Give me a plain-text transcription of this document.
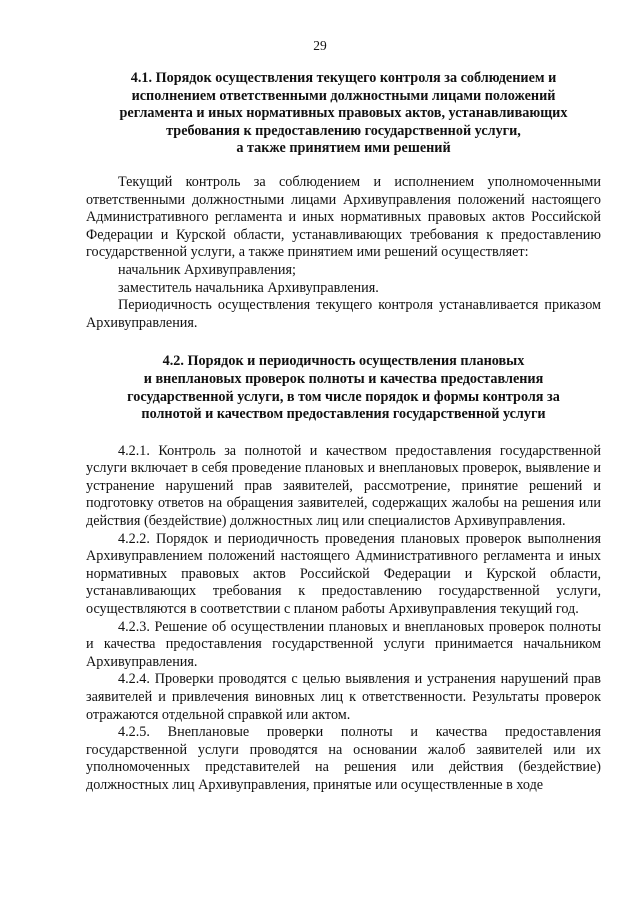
29
4.1. Порядок осуществления текущего контроля за соблюдением и
исполнением ответственными должностными лицами положений
регламента и иных нормативных правовых актов, устанавливающих
требования к предоставлению государственной услуги,
а также принятием ими решений

Текущий контроль за соблюдением и исполнением уполномоченными ответственными должностными лицами Архивуправления положений настоящего Административного регламента и иных нормативных правовых актов Российской Федерации и Курской области, устанавливающих требования к предоставлению государственной услуги, а также принятием ими решений осуществляет:

начальник Архивуправления;

заместитель начальника Архивуправления.

Периодичность осуществления текущего контроля устанавливается приказом Архивуправления.

4.2. Порядок и периодичность осуществления плановых
и внеплановых проверок полноты и качества предоставления
государственной услуги, в том числе порядок и формы контроля за
полнотой и качеством предоставления государственной услуги

4.2.1. Контроль за полнотой и качеством предоставления государственной услуги включает в себя проведение плановых и внеплановых проверок, выявление и устранение нарушений прав заявителей, рассмотрение, принятие решений и подготовку ответов на обращения заявителей, содержащих жалобы на решения или действия (бездействие) должностных лиц или специалистов Архивуправления.

4.2.2. Порядок и периодичность проведения плановых проверок выполнения Архивуправлением положений настоящего Административного регламента и иных нормативных правовых актов Российской Федерации и Курской области, устанавливающих требования к предоставлению государственной услуги, осуществляются в соответствии с планом работы Архивуправления текущий год.

4.2.3. Решение об осуществлении плановых и внеплановых проверок полноты и качества предоставления государственной услуги принимается начальником Архивуправления.

4.2.4. Проверки проводятся с целью выявления и устранения нарушений прав заявителей и привлечения виновных лиц к ответственности. Результаты проверок отражаются отдельной справкой или актом.

4.2.5. Внеплановые проверки полноты и качества предоставления государственной услуги проводятся на основании жалоб заявителей или их уполномоченных представителей на решения или действия (бездействие) должностных лиц Архивуправления, принятые или осуществленные в ходе
